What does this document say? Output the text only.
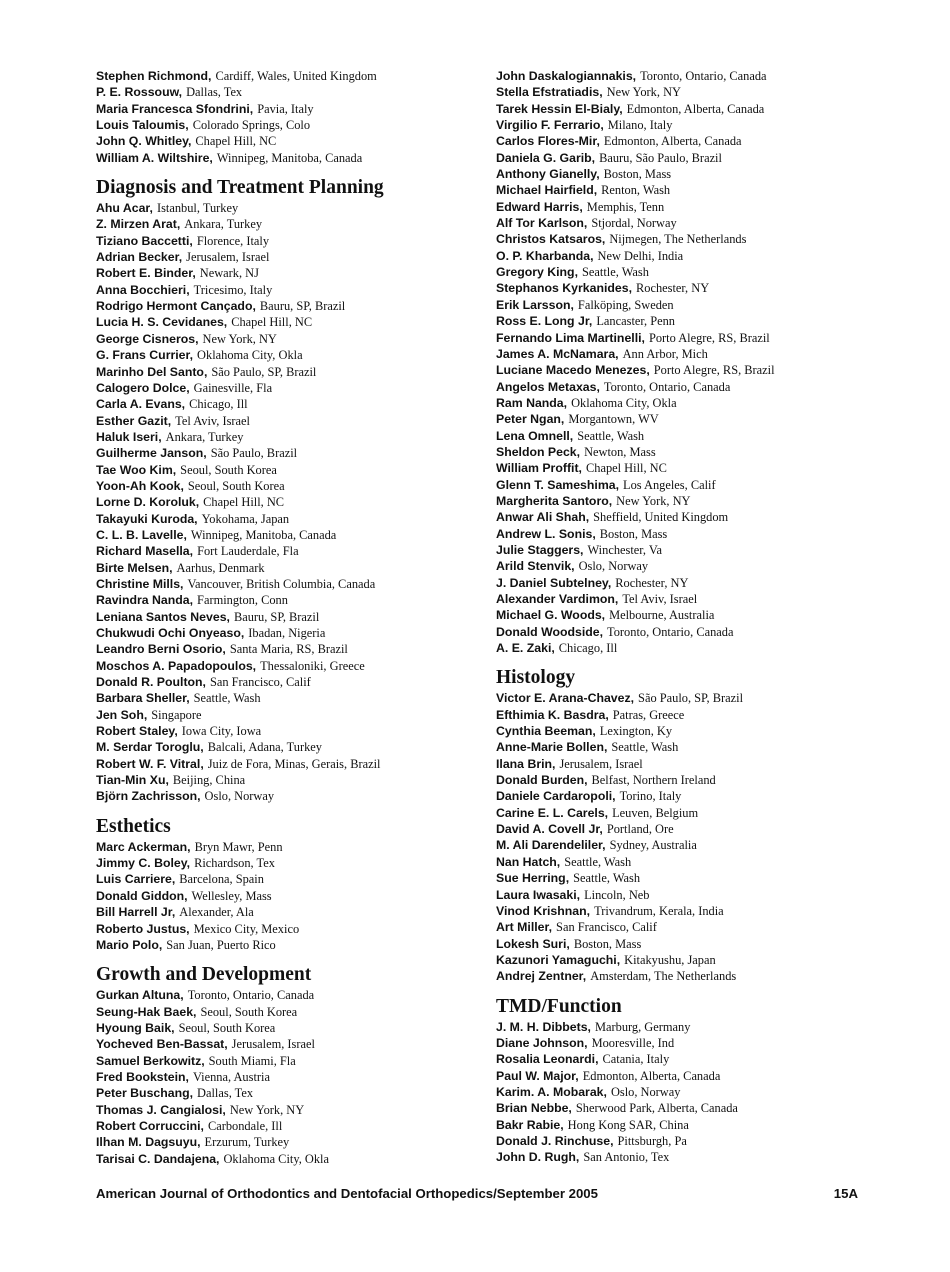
Stephen Richmond, Cardiff, Wales, United Kingdom
P. E. Rossouw, Dallas, Tex
Maria Francesca Sfondrini, Pavia, Italy
Louis Taloumis, Colorado Springs, Colo
John Q. Whitley, Chapel Hill, NC
William A. Wiltshire, Winnipeg, Manitoba, Canada
Diagnosis and Treatment Planning
Ahu Acar, Istanbul, Turkey
Z. Mirzen Arat, Ankara, Turkey
Tiziano Baccetti, Florence, Italy
Adrian Becker, Jerusalem, Israel
Robert E. Binder, Newark, NJ
Anna Bocchieri, Tricesimo, Italy
Rodrigo Hermont Cançado, Bauru, SP, Brazil
Lucia H. S. Cevidanes, Chapel Hill, NC
George Cisneros, New York, NY
G. Frans Currier, Oklahoma City, Okla
Marinho Del Santo, São Paulo, SP, Brazil
Calogero Dolce, Gainesville, Fla
Carla A. Evans, Chicago, Ill
Esther Gazit, Tel Aviv, Israel
Haluk Iseri, Ankara, Turkey
Guilherme Janson, São Paulo, Brazil
Tae Woo Kim, Seoul, South Korea
Yoon-Ah Kook, Seoul, South Korea
Lorne D. Koroluk, Chapel Hill, NC
Takayuki Kuroda, Yokohama, Japan
C. L. B. Lavelle, Winnipeg, Manitoba, Canada
Richard Masella, Fort Lauderdale, Fla
Birte Melsen, Aarhus, Denmark
Christine Mills, Vancouver, British Columbia, Canada
Ravindra Nanda, Farmington, Conn
Leniana Santos Neves, Bauru, SP, Brazil
Chukwudi Ochi Onyeaso, Ibadan, Nigeria
Leandro Berni Osorio, Santa Maria, RS, Brazil
Moschos A. Papadopoulos, Thessaloniki, Greece
Donald R. Poulton, San Francisco, Calif
Barbara Sheller, Seattle, Wash
Jen Soh, Singapore
Robert Staley, Iowa City, Iowa
M. Serdar Toroglu, Balcali, Adana, Turkey
Robert W. F. Vitral, Juiz de Fora, Minas, Gerais, Brazil
Tian-Min Xu, Beijing, China
Björn Zachrisson, Oslo, Norway
Esthetics
Marc Ackerman, Bryn Mawr, Penn
Jimmy C. Boley, Richardson, Tex
Luis Carriere, Barcelona, Spain
Donald Giddon, Wellesley, Mass
Bill Harrell Jr, Alexander, Ala
Roberto Justus, Mexico City, Mexico
Mario Polo, San Juan, Puerto Rico
Growth and Development
Gurkan Altuna, Toronto, Ontario, Canada
Seung-Hak Baek, Seoul, South Korea
Hyoung Baik, Seoul, South Korea
Yocheved Ben-Bassat, Jerusalem, Israel
Samuel Berkowitz, South Miami, Fla
Fred Bookstein, Vienna, Austria
Peter Buschang, Dallas, Tex
Thomas J. Cangialosi, New York, NY
Robert Corruccini, Carbondale, Ill
Ilhan M. Dagsuyu, Erzurum, Turkey
Tarisai C. Dandajena, Oklahoma City, Okla
John Daskalogiannakis, Toronto, Ontario, Canada
Stella Efstratiadis, New York, NY
Tarek Hessin El-Bialy, Edmonton, Alberta, Canada
Virgilio F. Ferrario, Milano, Italy
Carlos Flores-Mir, Edmonton, Alberta, Canada
Daniela G. Garib, Bauru, São Paulo, Brazil
Anthony Gianelly, Boston, Mass
Michael Hairfield, Renton, Wash
Edward Harris, Memphis, Tenn
Alf Tor Karlson, Stjordal, Norway
Christos Katsaros, Nijmegen, The Netherlands
O. P. Kharbanda, New Delhi, India
Gregory King, Seattle, Wash
Stephanos Kyrkanides, Rochester, NY
Erik Larsson, Falköping, Sweden
Ross E. Long Jr, Lancaster, Penn
Fernando Lima Martinelli, Porto Alegre, RS, Brazil
James A. McNamara, Ann Arbor, Mich
Luciane Macedo Menezes, Porto Alegre, RS, Brazil
Angelos Metaxas, Toronto, Ontario, Canada
Ram Nanda, Oklahoma City, Okla
Peter Ngan, Morgantown, WV
Lena Omnell, Seattle, Wash
Sheldon Peck, Newton, Mass
William Proffit, Chapel Hill, NC
Glenn T. Sameshima, Los Angeles, Calif
Margherita Santoro, New York, NY
Anwar Ali Shah, Sheffield, United Kingdom
Andrew L. Sonis, Boston, Mass
Julie Staggers, Winchester, Va
Arild Stenvik, Oslo, Norway
J. Daniel Subtelney, Rochester, NY
Alexander Vardimon, Tel Aviv, Israel
Michael G. Woods, Melbourne, Australia
Donald Woodside, Toronto, Ontario, Canada
A. E. Zaki, Chicago, Ill
Histology
Victor E. Arana-Chavez, São Paulo, SP, Brazil
Efthimia K. Basdra, Patras, Greece
Cynthia Beeman, Lexington, Ky
Anne-Marie Bollen, Seattle, Wash
Ilana Brin, Jerusalem, Israel
Donald Burden, Belfast, Northern Ireland
Daniele Cardaropoli, Torino, Italy
Carine E. L. Carels, Leuven, Belgium
David A. Covell Jr, Portland, Ore
M. Ali Darendeliler, Sydney, Australia
Nan Hatch, Seattle, Wash
Sue Herring, Seattle, Wash
Laura Iwasaki, Lincoln, Neb
Vinod Krishnan, Trivandrum, Kerala, India
Art Miller, San Francisco, Calif
Lokesh Suri, Boston, Mass
Kazunori Yamaguchi, Kitakyushu, Japan
Andrej Zentner, Amsterdam, The Netherlands
TMD/Function
J. M. H. Dibbets, Marburg, Germany
Diane Johnson, Mooresville, Ind
Rosalia Leonardi, Catania, Italy
Paul W. Major, Edmonton, Alberta, Canada
Karim. A. Mobarak, Oslo, Norway
Brian Nebbe, Sherwood Park, Alberta, Canada
Bakr Rabie, Hong Kong SAR, China
Donald J. Rinchuse, Pittsburgh, Pa
John D. Rugh, San Antonio, Tex
American Journal of Orthodontics and Dentofacial Orthopedics/September 2005	15A
